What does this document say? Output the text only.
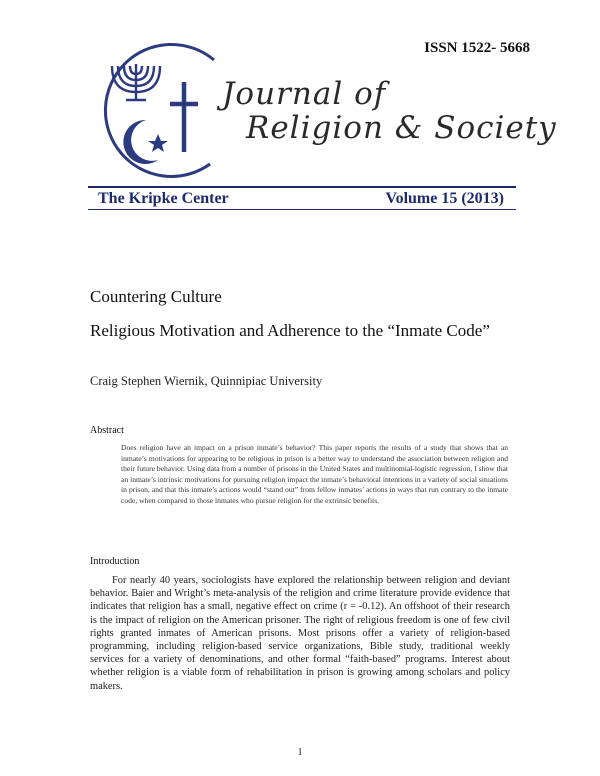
ISSN 1522- 5668
Journal of
Religion & Society
The Kripke Center	Volume 15 (2013)
Countering Culture
Religious Motivation and Adherence to the “Inmate Code”
Craig Stephen Wiernik, Quinnipiac University
Abstract
Does religion have an impact on a prison inmate’s behavior? This paper reports the results of a study that shows that an inmate’s motivations for appearing to be religious in prison is a better way to understand the association between religion and their future behavior. Using data from a number of prisons in the United States and multinomial-logistic regression, I show that an inmate’s intrinsic motivations for pursuing religion impact the inmate’s behavioral intentions in a variety of social situations in prison, and that this inmate’s actions would “stand out” from fellow inmates’ actions in ways that run contrary to the inmate code, when compared to those inmates who pursue religion for the extrinsic benefits.
Introduction
For nearly 40 years, sociologists have explored the relationship between religion and deviant behavior. Baier and Wright’s meta-analysis of the religion and crime literature provide evidence that indicates that religion has a small, negative effect on crime (r = -0.12). An offshoot of their research is the impact of religion on the American prisoner. The right of religious freedom is one of few civil rights granted inmates of American prisons. Most prisons offer a variety of religion-based programming, including religion-based service organizations, Bible study, traditional weekly services for a variety of denominations, and other formal “faith-based” programs. Interest about whether religion is a viable form of rehabilitation in prison is growing among scholars and policy makers.
1
